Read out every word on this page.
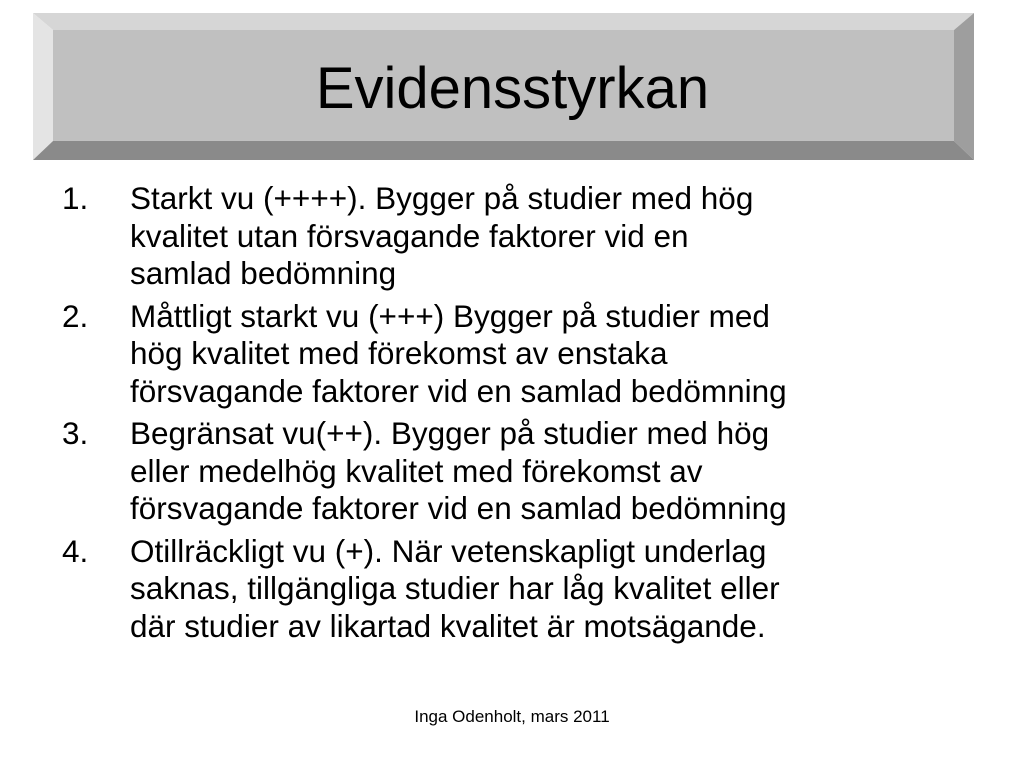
Evidensstyrkan
1.	Starkt vu (++++). Bygger på studier med hög
kvalitet utan försvagande faktorer vid en
samlad bedömning
2.	Måttligt starkt vu (+++) Bygger på studier med
hög kvalitet med förekomst av enstaka
försvagande faktorer vid en samlad bedömning
3.	Begränsat vu(++). Bygger på studier med hög
eller medelhög kvalitet med förekomst av
försvagande faktorer vid en samlad bedömning
4.	Otillräckligt vu (+). När vetenskapligt underlag
saknas, tillgängliga studier har låg kvalitet eller
där studier av likartad kvalitet är motsägande.
Inga Odenholt, mars 2011
